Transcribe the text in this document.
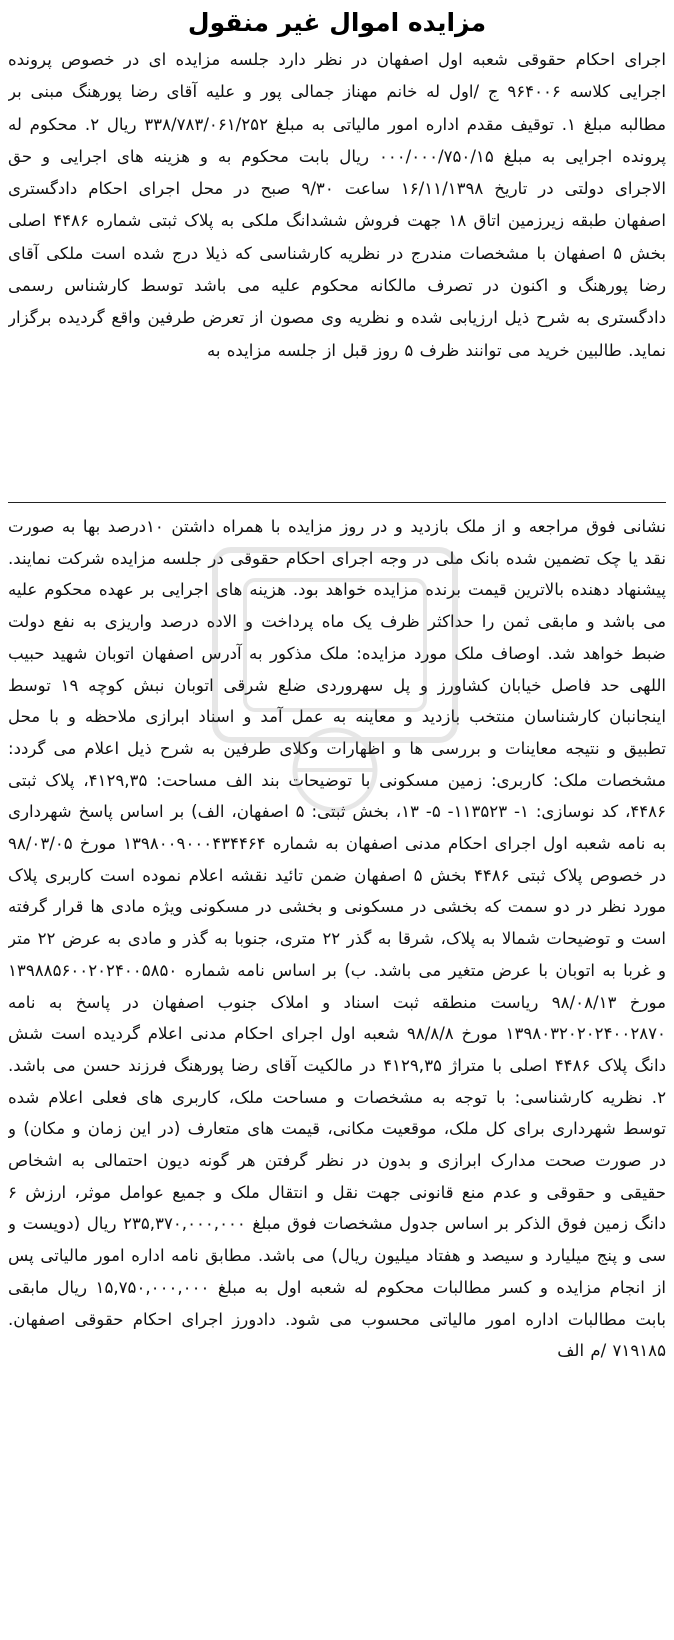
مزایده اموال غیر منقول

اجرای احکام حقوقی شعبه اول اصفهان در نظر دارد جلسه مزایده ای در خصوص پرونده اجرایی کلاسه ۹۶۴۰۰۶ ج /اول له خانم مهناز جمالی پور و علیه آقای رضا پورهنگ مبنی بر مطالبه مبلغ ۱. توقیف مقدم اداره امور مالیاتی به مبلغ ۳۳۸/۷۸۳/۰۶۱/۲۵۲ ریال ۲. محکوم له پرونده اجرایی به مبلغ ۰۰۰/۰۰۰/۷۵۰/۱۵ ریال بابت محکوم به و هزینه های اجرایی و حق الاجرای دولتی در تاریخ ۱۶/۱۱/۱۳۹۸ ساعت ۹/۳۰ صبح در محل اجرای احکام دادگستری اصفهان طبقه زیرزمین اتاق ۱۸ جهت فروش ششدانگ ملکی به پلاک ثبتی شماره ۴۴۸۶ اصلی بخش ۵ اصفهان با مشخصات مندرج در نظریه کارشناسی که ذیلا درج شده است ملکی آقای رضا پورهنگ و اکنون در تصرف مالکانه محکوم علیه می باشد توسط کارشناس رسمی دادگستری به شرح ذیل ارزیابی شده و نظریه وی مصون از تعرض طرفین واقع گردیده برگزار نماید. طالبین خرید می توانند ظرف ۵ روز قبل از جلسه مزایده به

نشانی فوق مراجعه و از ملک بازدید و در روز مزایده با همراه داشتن ۱۰درصد بها به صورت نقد یا چک تضمین شده بانک ملی در وجه اجرای احکام حقوقی در جلسه مزایده شرکت نمایند. پیشنهاد دهنده بالاترین قیمت برنده مزایده خواهد بود. هزینه های اجرایی بر عهده محکوم علیه می باشد و مابقی ثمن را حداکثر ظرف یک ماه پرداخت و الاده درصد واریزی به نفع دولت ضبط خواهد شد. اوصاف ملک مورد مزایده: ملک مذکور به آدرس اصفهان اتوبان شهید حبیب اللهی حد فاصل خیابان کشاورز و پل سهروردی ضلع شرقی اتوبان نبش کوچه ۱۹ توسط اینجانبان کارشناسان منتخب بازدید و معاینه به عمل آمد و اسناد ابرازی ملاحظه و با محل تطبیق و نتیجه معاینات و بررسی ها و اظهارات وکلای طرفین به شرح ذیل اعلام می گردد: مشخصات ملک: کاربری: زمین مسکونی با توضیحات بند الف مساحت: ۴۱۲۹,۳۵، پلاک ثبتی ۴۴۸۶، کد نوسازی: ۱- ۱۱۳۵۲۳- ۵- ۱۳، بخش ثبتی: ۵ اصفهان، الف) بر اساس پاسخ شهرداری به نامه شعبه اول اجرای احکام مدنی اصفهان به شماره ۱۳۹۸۰۰۹۰۰۰۴۳۴۴۶۴ مورخ ۹۸/۰۳/۰۵ در خصوص پلاک ثبتی ۴۴۸۶ بخش ۵ اصفهان ضمن تائید نقشه اعلام نموده است کاربری پلاک مورد نظر در دو سمت که بخشی در مسکونی و بخشی در مسکونی ویژه مادی ها قرار گرفته است و توضیحات شمالا به پلاک، شرقا به گذر ۲۲ متری، جنوبا به گذر و مادی به عرض ۲۲ متر و غربا به اتوبان با عرض متغیر می باشد. ب) بر اساس نامه شماره ۱۳۹۸۸۵۶۰۰۲۰۲۴۰۰۵۸۵۰ مورخ ۹۸/۰۸/۱۳ ریاست منطقه ثبت اسناد و املاک جنوب اصفهان در پاسخ به نامه ۱۳۹۸۰۳۲۰۲۰۲۴۰۰۲۸۷۰ مورخ ۹۸/۸/۸ شعبه اول اجرای احکام مدنی اعلام گردیده است شش دانگ پلاک ۴۴۸۶ اصلی با متراژ ۴۱۲۹,۳۵ در مالکیت آقای رضا پورهنگ فرزند حسن می باشد. ۲. نظریه کارشناسی: با توجه به مشخصات و مساحت ملک، کاربری های فعلی اعلام شده توسط شهرداری برای کل ملک، موقعیت مکانی، قیمت های متعارف (در این زمان و مکان) و در صورت صحت مدارک ابرازی و بدون در نظر گرفتن هر گونه دیون احتمالی به اشخاص حقیقی و حقوقی و عدم منع قانونی جهت نقل و انتقال ملک و جمیع عوامل موثر، ارزش ۶ دانگ زمین فوق الذکر بر اساس جدول مشخصات فوق مبلغ ۲۳۵,۳۷۰,۰۰۰,۰۰۰ ریال (دویست و سی و پنج میلیارد و سیصد و هفتاد میلیون ریال) می باشد. مطابق نامه اداره امور مالیاتی پس از انجام مزایده و کسر مطالبات محکوم له شعبه اول به مبلغ ۱۵,۷۵۰,۰۰۰,۰۰۰ ریال مابقی بابت مطالبات اداره امور مالیاتی محسوب می شود. دادورز اجرای احکام حقوقی اصفهان. ۷۱۹۱۸۵ /م الف
